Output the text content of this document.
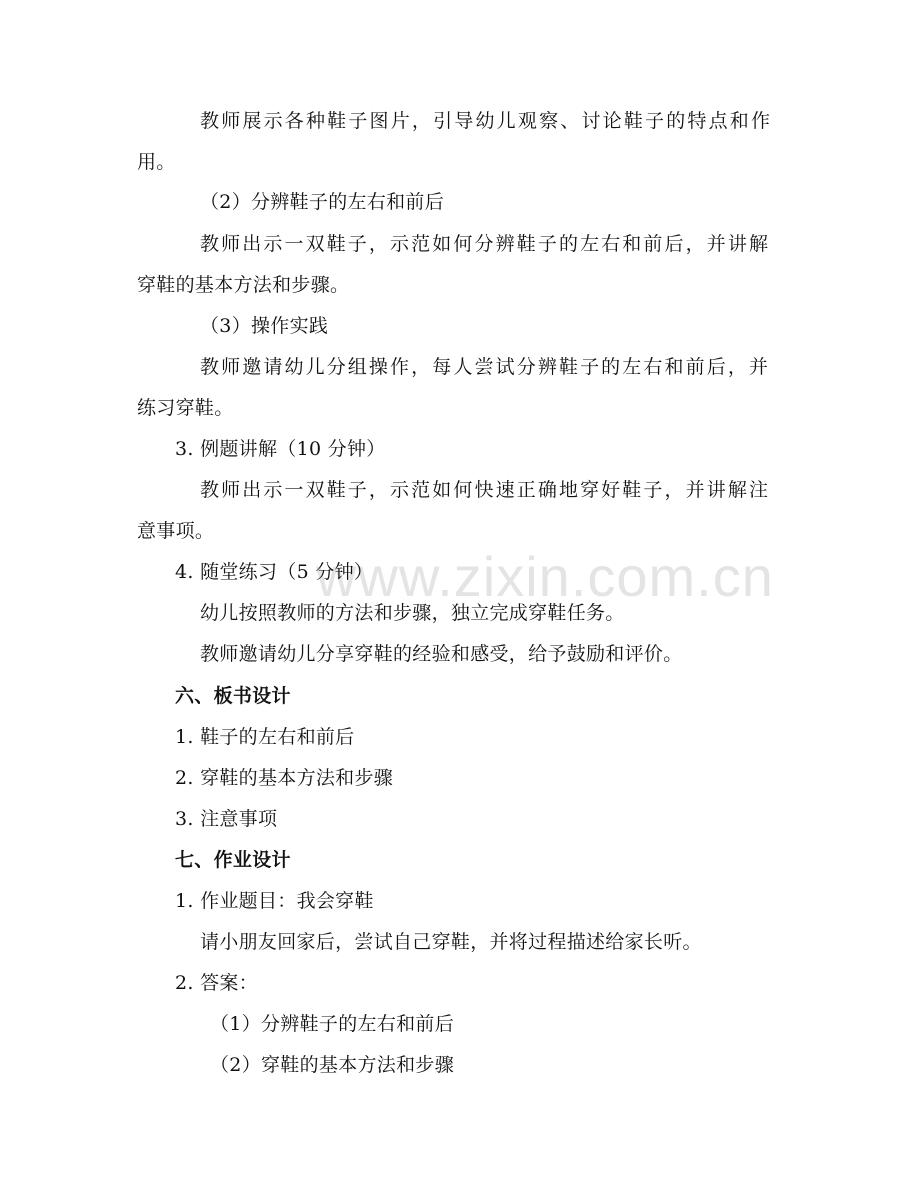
www.zixin.com.cn
教师展示各种鞋子图片，引导幼儿观察、讨论鞋子的特点和作
用。
（2）分辨鞋子的左右和前后
教师出示一双鞋子，示范如何分辨鞋子的左右和前后，并讲解
穿鞋的基本方法和步骤。
（3）操作实践
教师邀请幼儿分组操作，每人尝试分辨鞋子的左右和前后，并
练习穿鞋。
3. 例题讲解（10 分钟）
教师出示一双鞋子，示范如何快速正确地穿好鞋子，并讲解注
意事项。
4. 随堂练习（5 分钟）
幼儿按照教师的方法和步骤，独立完成穿鞋任务。
教师邀请幼儿分享穿鞋的经验和感受，给予鼓励和评价。
六、板书设计
1. 鞋子的左右和前后
2. 穿鞋的基本方法和步骤
3. 注意事项
七、作业设计
1. 作业题目：我会穿鞋
请小朋友回家后，尝试自己穿鞋，并将过程描述给家长听。
2. 答案：
（1）分辨鞋子的左右和前后
（2）穿鞋的基本方法和步骤
